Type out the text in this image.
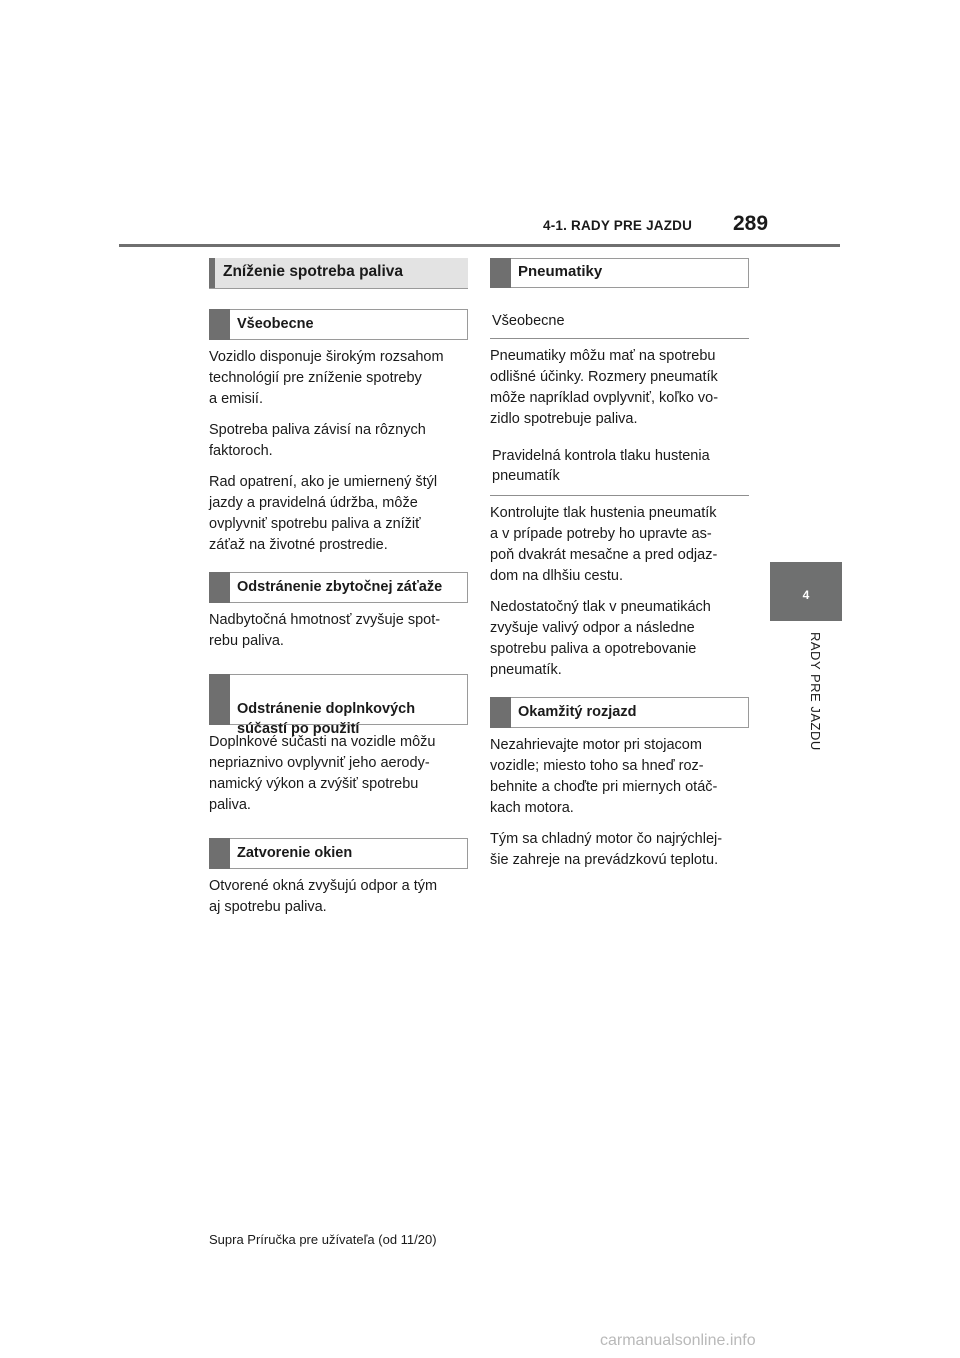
4-1. RADY PRE JAZDU 289
4
RADY PRE JAZDU
Zníženie spotreba paliva
Všeobecne

Vozidlo disponuje širokým rozsahom
technológií pre zníženie spotreby
a emisií.

Spotreba paliva závisí na rôznych
faktoroch.

Rad opatrení, ako je umiernený štýl
jazdy a pravidelná údržba, môže
ovplyvniť spotrebu paliva a znížiť
záťaž na životné prostredie.

Odstránenie zbytočnej záťaže

Nadbytočná hmotnosť zvyšuje spot-
rebu paliva.

Odstránenie doplnkových
súčastí po použití

Doplnkové súčasti na vozidle môžu
nepriaznivo ovplyvniť jeho aerody-
namický výkon a zvýšiť spotrebu
paliva.

Zatvorenie okien

Otvorené okná zvyšujú odpor a tým
aj spotrebu paliva.

Pneumatiky
Všeobecne

Pneumatiky môžu mať na spotrebu
odlišné účinky. Rozmery pneumatík
môže napríklad ovplyvniť, koľko vo-
zidlo spotrebuje paliva.

Pravidelná kontrola tlaku hustenia
pneumatík

Kontrolujte tlak hustenia pneumatík
a v prípade potreby ho upravte as-
poň dvakrát mesačne a pred odjaz-
dom na dlhšiu cestu.

Nedostatočný tlak v pneumatikách
zvyšuje valivý odpor a následne
spotrebu paliva a opotrebovanie
pneumatík.

Okamžitý rozjazd

Nezahrievajte motor pri stojacom
vozidle; miesto toho sa hneď roz-
behnite a choďte pri miernych otáč-
kach motora.

Tým sa chladný motor čo najrýchlej-
šie zahreje na prevádzkovú teplotu.

Supra Príručka pre užívateľa (od 11/20)
carmanualsonline.info
